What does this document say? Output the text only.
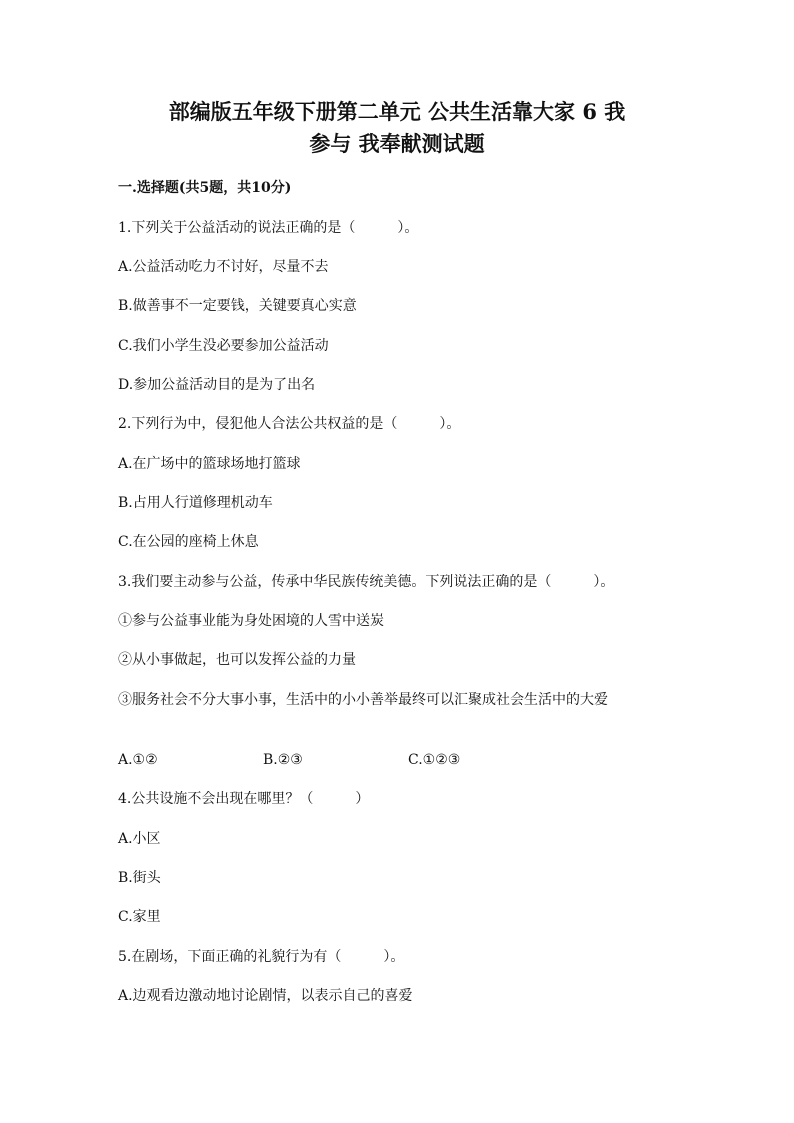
部编版五年级下册第二单元 公共生活靠大家 6 我
参与 我奉献测试题

一.选择题(共5题，共10分)

1.下列关于公益活动的说法正确的是（　　　）。

A.公益活动吃力不讨好，尽量不去

B.做善事不一定要钱，关键要真心实意

C.我们小学生没必要参加公益活动

D.参加公益活动目的是为了出名

2.下列行为中，侵犯他人合法公共权益的是（　　　）。

A.在广场中的篮球场地打篮球

B.占用人行道修理机动车

C.在公园的座椅上休息

3.我们要主动参与公益，传承中华民族传统美德。下列说法正确的是（　　　）。

①参与公益事业能为身处困境的人雪中送炭

②从小事做起，也可以发挥公益的力量

③服务社会不分大事小事，生活中的小小善举最终可以汇聚成社会生活中的大爱

A.①②	B.②③	C.①②③

4.公共设施不会出现在哪里？（　　　）

A.小区

B.街头

C.家里

5.在剧场，下面正确的礼貌行为有（　　　）。

A.边观看边激动地讨论剧情，以表示自己的喜爱
